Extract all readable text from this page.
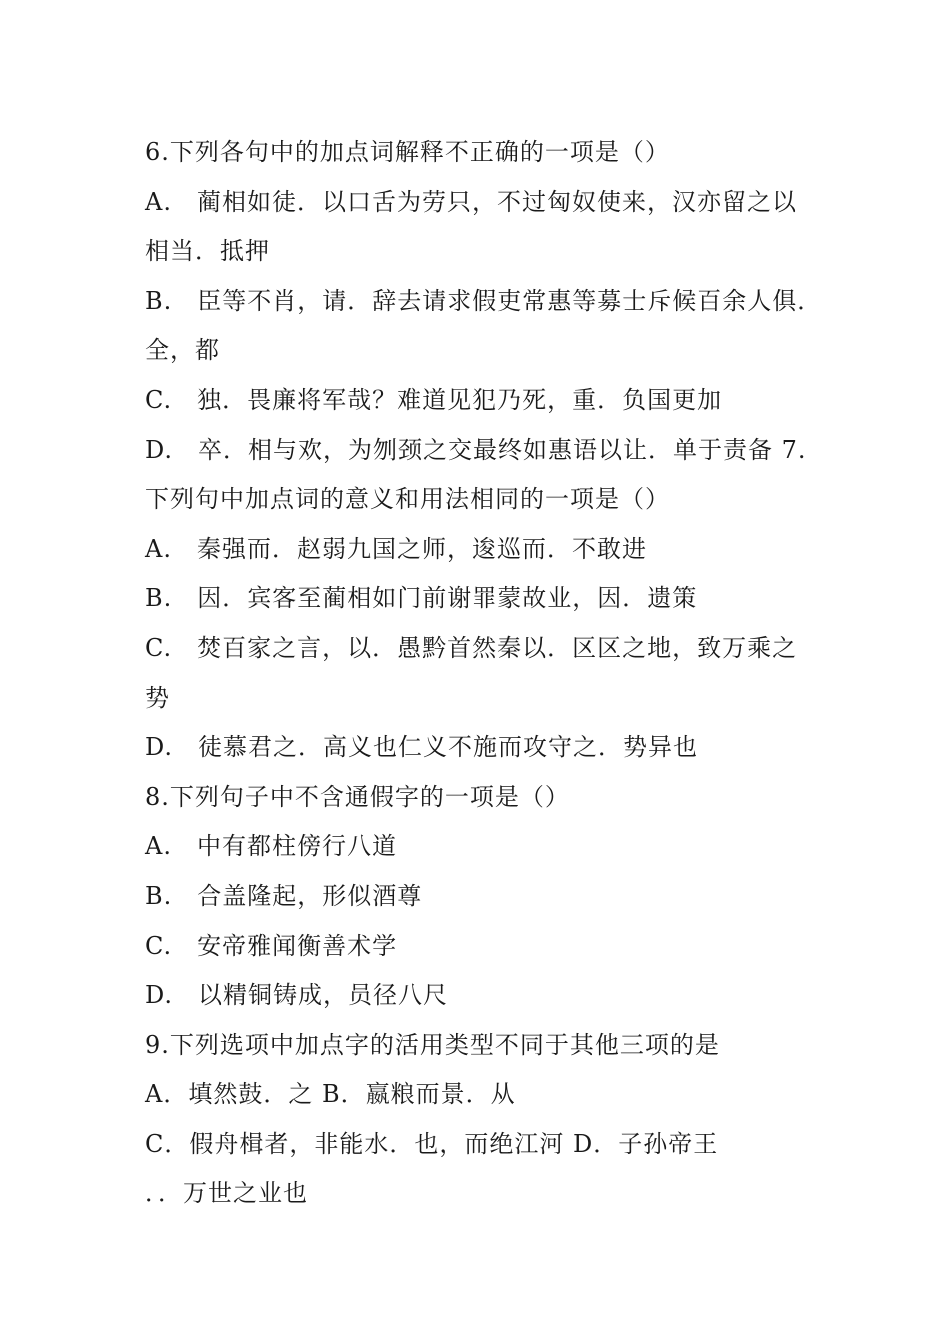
6.下列各句中的加点词解释不正确的一项是（）
A.　蔺相如徒．以口舌为劳只，不过匈奴使来，汉亦留之以
相当．抵押
B.　臣等不肖，请．辞去请求假吏常惠等募士斥候百余人俱．
全，都
C.　独．畏廉将军哉？难道见犯乃死，重．负国更加
D.　卒．相与欢，为刎颈之交最终如惠语以让．单于责备 7.
下列句中加点词的意义和用法相同的一项是（）
A.　秦强而．赵弱九国之师，逡巡而．不敢进
B.　因．宾客至蔺相如门前谢罪蒙故业，因．遗策
C.　焚百家之言，以．愚黔首然秦以．区区之地，致万乘之
势
D.　徒慕君之．高义也仁义不施而攻守之．势异也
8.下列句子中不含通假字的一项是（）
A.　中有都柱傍行八道
B.　合盖隆起，形似酒尊
C.　安帝雅闻衡善术学
D.　以精铜铸成，员径八尺
9.下列选项中加点字的活用类型不同于其他三项的是
A．填然鼓．之 B．嬴粮而景．从
C．假舟楫者，非能水．也，而绝江河 D．子孙帝王
．．万世之业也
